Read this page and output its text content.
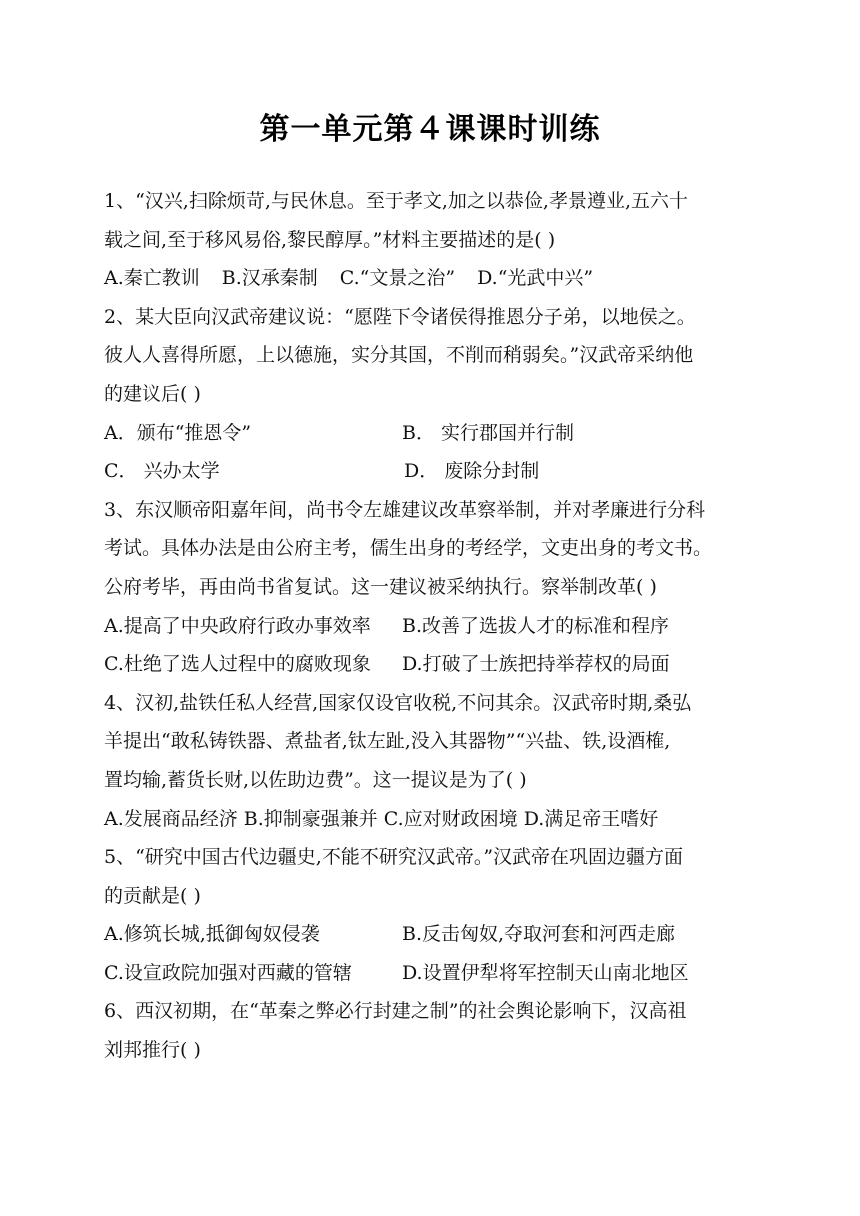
第一单元第４课课时训练
1、“汉兴,扫除烦苛,与民休息。至于孝文,加之以恭俭,孝景遵业,五六十
载之间,至于移风易俗,黎民醇厚。”材料主要描述的是( )
A.秦亡教训 B.汉承秦制 C.“文景之治” D.“光武中兴”
2、某大臣向汉武帝建议说：“愿陛下令诸侯得推恩分子弟，以地侯之。
彼人人喜得所愿，上以德施，实分其国，不削而稍弱矣。”汉武帝采纳他
的建议后( )
A．颁布“推恩令”	B． 实行郡国并行制
C． 兴办太学	D． 废除分封制
3、东汉顺帝阳嘉年间，尚书令左雄建议改革察举制，并对孝廉进行分科
考试。具体办法是由公府主考，儒生出身的考经学，文吏出身的考文书。
公府考毕，再由尚书省复试。这一建议被采纳执行。察举制改革( )
A.提高了中央政府行政办事效率	B.改善了选拔人才的标准和程序
C.杜绝了选人过程中的腐败现象	D.打破了士族把持举荐权的局面
4、汉初,盐铁任私人经营,国家仅设官收税,不问其余。汉武帝时期,桑弘
羊提出“敢私铸铁器、煮盐者,钛左趾,没入其器物”“兴盐、铁,设酒榷,
置均输,蓄货长财,以佐助边费”。这一提议是为了( )
A.发展商品经济 B.抑制豪强兼并 C.应对财政困境 D.满足帝王嗜好
5、“研究中国古代边疆史,不能不研究汉武帝。”汉武帝在巩固边疆方面
的贡献是( )
A.修筑长城,抵御匈奴侵袭	B.反击匈奴,夺取河套和河西走廊
C.设宣政院加强对西藏的管辖	D.设置伊犁将军控制天山南北地区
6、西汉初期，在“革秦之弊必行封建之制”的社会舆论影响下，汉高祖
刘邦推行( )
